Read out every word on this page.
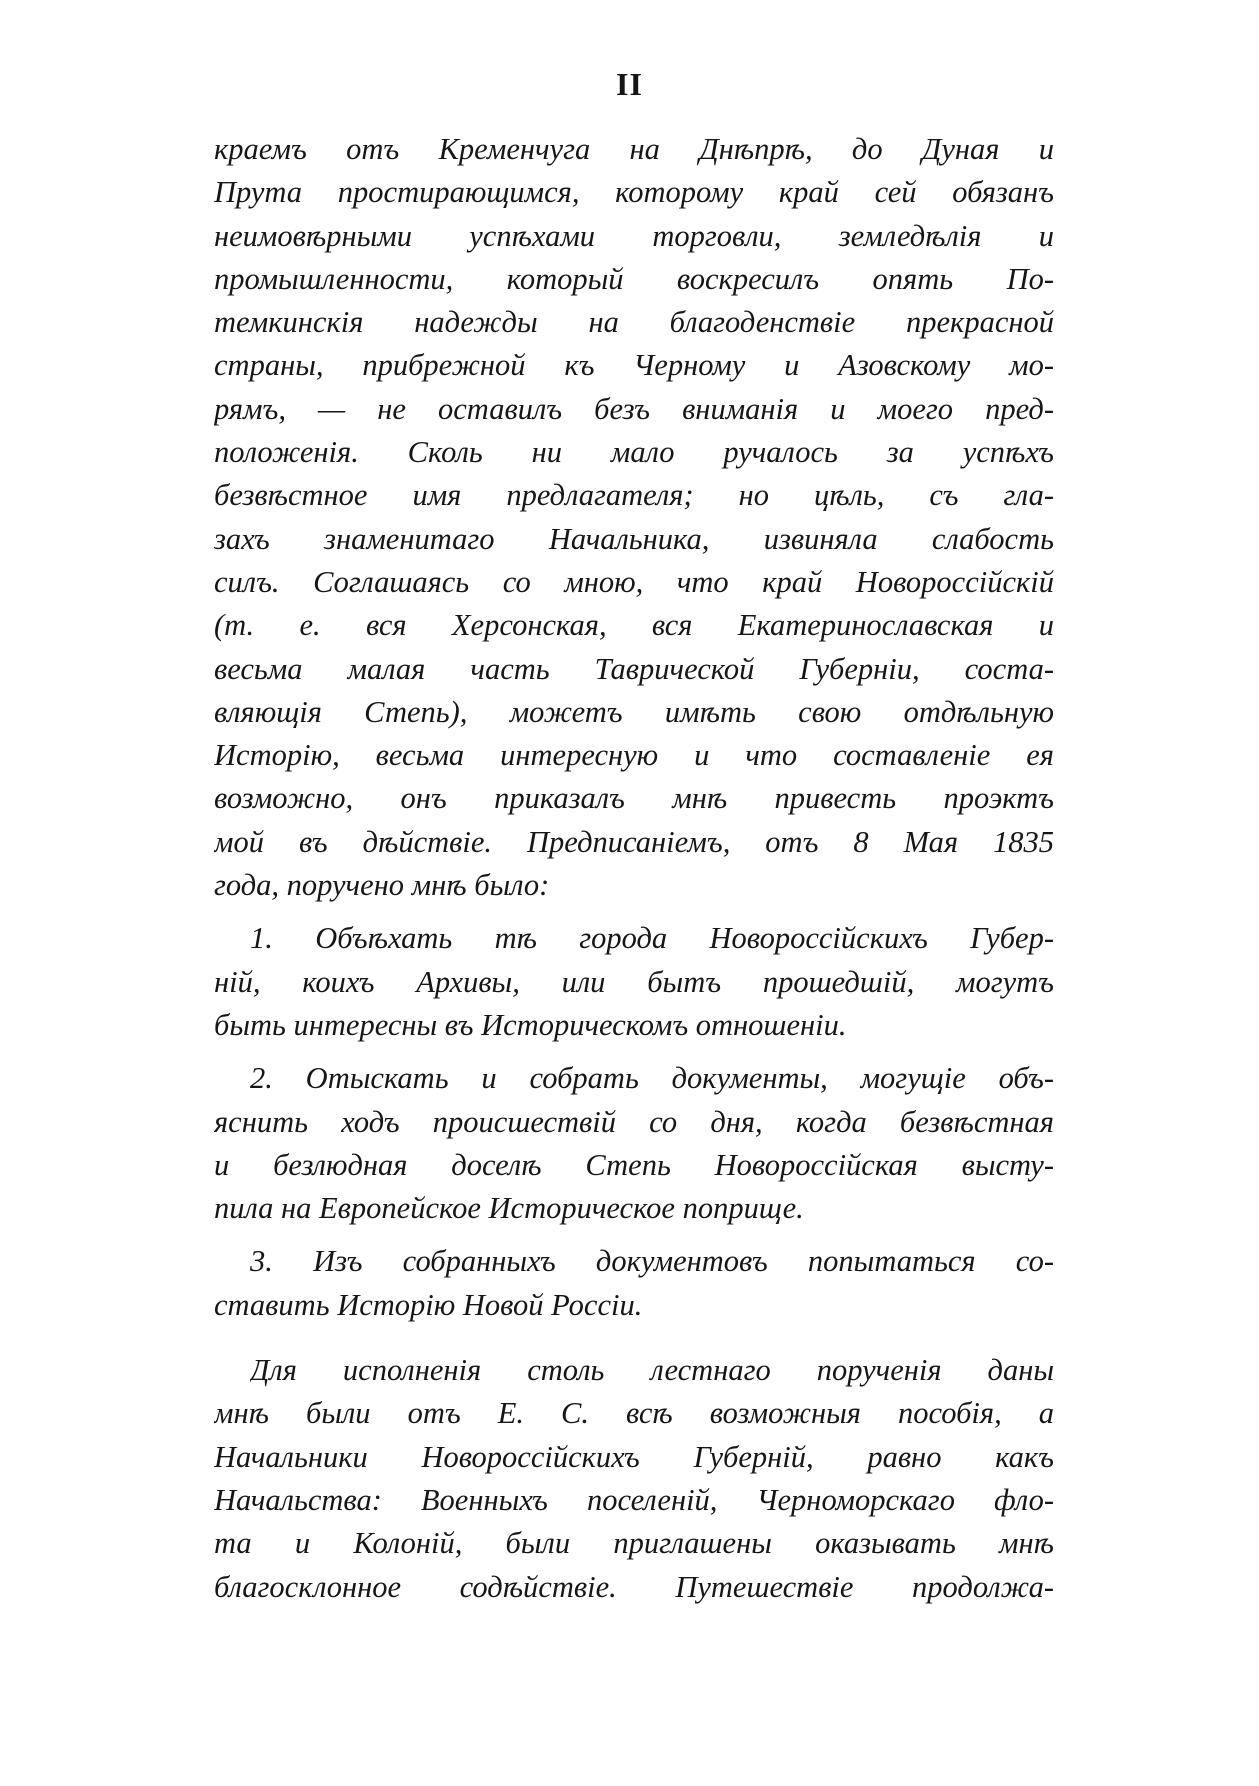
II
краемъ отъ Кременчуга на Днѣпрѣ, до Дуная и
Прута простирающимся, которому край сей обязанъ
неимовѣрными успѣхами торговли, земледѣлія и
промышленности, который воскресилъ опять По-
темкинскія надежды на благоденствіе прекрасной
страны, прибрежной къ Черному и Азовскому мо-
рямъ, — не оставилъ безъ вниманія и моего пред-
положенія. Сколь ни мало ручалось за успѣхъ
безвѣстное имя предлагателя; но цѣль, съ гла-
захъ знаменитаго Начальника, извиняла слабость
силъ. Соглашаясь со мною, что край Новороссійскій
(т. е. вся Херсонская, вся Екатеринославская и
весьма малая часть Таврической Губерніи, соста-
вляющія Степь), можетъ имѣть свою отдѣльную
Исторію, весьма интересную и что составленіе ея
возможно, онъ приказалъ мнѣ привесть проэктъ
мой въ дѣйствіе. Предписаніемъ, отъ 8 Мая 1835
года, поручено мнѣ было:
1. Объѣхать тѣ города Новороссійскихъ Губер-
ній, коихъ Архивы, или бытъ прошедшій, могутъ
быть интересны въ Историческомъ отношеніи.
2. Отыскать и собрать документы, могущіе объ-
яснить ходъ происшествій со дня, когда безвѣстная
и безлюдная доселѣ Степь Новороссійская высту-
пила на Европейское Историческое поприще.
3. Изъ собранныхъ документовъ попытаться со-
ставить Исторію Новой Россіи.
Для исполненія столь лестнаго порученія даны
мнѣ были отъ Е. С. всѣ возможныя пособія, а
Начальники Новороссійскихъ Губерній, равно какъ
Начальства: Военныхъ поселеній, Черноморскаго фло-
та и Колоній, были приглашены оказывать мнѣ
благосклонное содѣйствіе. Путешествіе продолжа-
